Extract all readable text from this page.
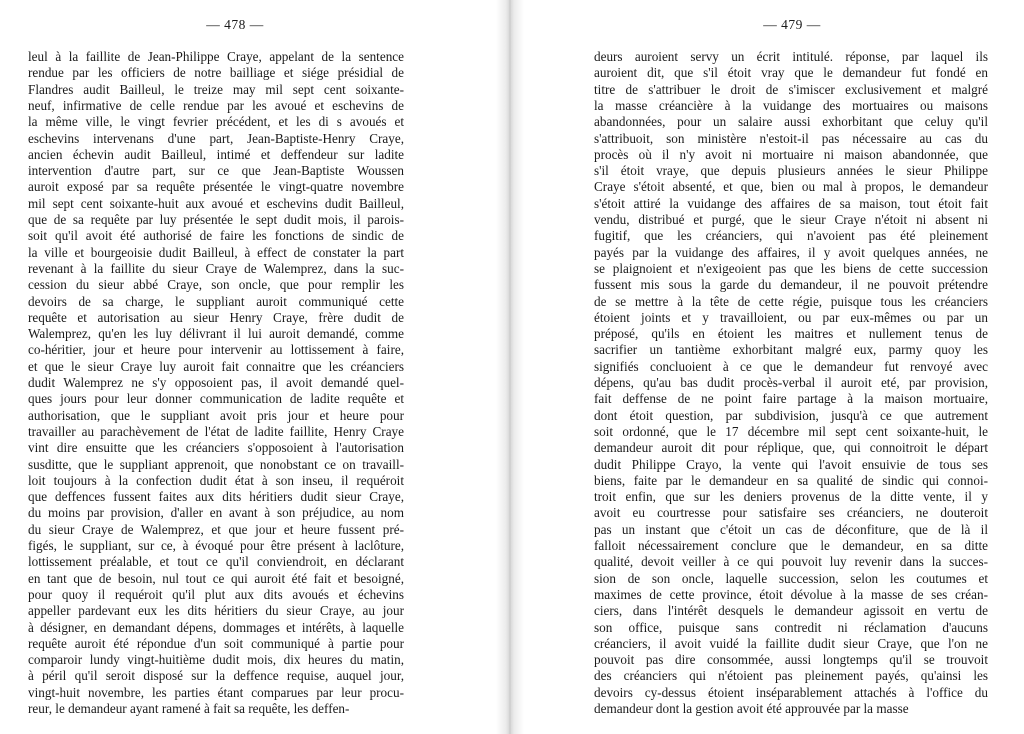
— 478 —

leul à la faillite de Jean-Philippe Craye, appelant de la sentence

rendue par les officiers de notre bailliage et siége présidial de

Flandres audit Bailleul, le treize may mil sept cent soixante-

neuf, infirmative de celle rendue par les avoué et eschevins de

la même ville, le vingt fevrier précédent, et les di s avoués et

eschevins intervenans d'une part, Jean-Baptiste-Henry Craye,

ancien échevin audit Bailleul, intimé et deffendeur sur ladite

intervention d'autre part, sur ce que Jean-Baptiste Woussen

auroit exposé par sa requête présentée le vingt-quatre novembre

mil sept cent soixante-huit aux avoué et eschevins dudit Bailleul,

que de sa requête par luy présentée le sept dudit mois, il parois-

soit qu'il avoit été authorisé de faire les fonctions de sindic de

la ville et bourgeoisie dudit Bailleul, à effect de constater la part

revenant à la faillite du sieur Craye de Walemprez, dans la suc-

cession du sieur abbé Craye, son oncle, que pour remplir les

devoirs de sa charge, le suppliant auroit communiqué cette

requête et autorisation au sieur Henry Craye, frère dudit de

Walemprez, qu'en les luy délivrant il lui auroit demandé, comme

co-héritier, jour et heure pour intervenir au lottissement à faire,

et que le sieur Craye luy auroit fait connaitre que les créanciers

dudit Walemprez ne s'y opposoient pas, il avoit demandé quel-

ques jours pour leur donner communication de ladite requête et

authorisation, que le suppliant avoit pris jour et heure pour

travailler au parachèvement de l'état de ladite faillite, Henry Craye

vint dire ensuitte que les créanciers s'opposoient à l'autorisation

susditte, que le suppliant apprenoit, que nonobstant ce on travaill-

loit toujours à la confection dudit état à son inseu, il requéroit

que deffences fussent faites aux dits héritiers dudit sieur Craye,

du moins par provision, d'aller en avant à son préjudice, au nom

du sieur Craye de Walemprez, et que jour et heure fussent pré-

figés, le suppliant, sur ce, à évoqué pour être présent à laclôture,

lottissement préalable, et tout ce qu'il conviendroit, en déclarant

en tant que de besoin, nul tout ce qui auroit été fait et besoigné,

pour quoy il requéroit qu'il plut aux dits avoués et échevins

appeller pardevant eux les dits héritiers du sieur Craye, au jour

à désigner, en demandant dépens, dommages et intérêts, à laquelle

requête auroit été répondue d'un soit communiqué à partie pour

comparoir lundy vingt-huitième dudit mois, dix heures du matin,

à péril qu'il seroit disposé sur la deffence requise, auquel jour,

vingt-huit novembre, les parties étant comparues par leur procu-

reur, le demandeur ayant ramené à fait sa requête, les deffen-

— 479 —

deurs auroient servy un écrit intitulé. réponse, par laquel ils

auroient dit, que s'il étoit vray que le demandeur fut fondé en

titre de s'attribuer le droit de s'imiscer exclusivement et malgré

la masse créancière à la vuidange des mortuaires ou maisons

abandonnées, pour un salaire aussi exhorbitant que celuy qu'il

s'attribuoit, son ministère n'estoit-il pas nécessaire au cas du

procès où il n'y avoit ni mortuaire ni maison abandonnée, que

s'il étoit vraye, que depuis plusieurs années le sieur Philippe

Craye s'étoit absenté, et que, bien ou mal à propos, le demandeur

s'étoit attiré la vuidange des affaires de sa maison, tout étoit fait

vendu, distribué et purgé, que le sieur Craye n'étoit ni absent ni

fugitif, que les créanciers, qui n'avoient pas été pleinement

payés par la vuidange des affaires, il y avoit quelques années, ne

se plaignoient et n'exigeoient pas que les biens de cette succession

fussent mis sous la garde du demandeur, il ne pouvoit prétendre

de se mettre à la tête de cette régie, puisque tous les créanciers

étoient joints et y travailloient, ou par eux-mêmes ou par un

préposé, qu'ils en étoient les maitres et nullement tenus de

sacrifier un tantième exhorbitant malgré eux, parmy quoy les

signifiés concluoient à ce que le demandeur fut renvoyé avec

dépens, qu'au bas dudit procès-verbal il auroit eté, par provision,

fait deffense de ne point faire partage à la maison mortuaire,

dont étoit question, par subdivision, jusqu'à ce que autrement

soit ordonné, que le 17 décembre mil sept cent soixante-huit, le

demandeur auroit dit pour réplique, que, qui connoitroit le départ

dudit Philippe Crayo, la vente qui l'avoit ensuivie de tous ses

biens, faite par le demandeur en sa qualité de sindic qui connoi-

troit enfin, que sur les deniers provenus de la ditte vente, il y

avoit eu courtresse pour satisfaire ses créanciers, ne douteroit

pas un instant que c'étoit un cas de déconfiture, que de là il

falloit nécessairement conclure que le demandeur, en sa ditte

qualité, devoit veiller à ce qui pouvoit luy revenir dans la succes-

sion de son oncle, laquelle succession, selon les coutumes et

maximes de cette province, étoit dévolue à la masse de ses créan-

ciers, dans l'intérêt desquels le demandeur agissoit en vertu de

son office, puisque sans contredit ni réclamation d'aucuns

créanciers, il avoit vuidé la faillite dudit sieur Craye, que l'on ne

pouvoit pas dire consommée, aussi longtemps qu'il se trouvoit

des créanciers qui n'étoient pas pleinement payés, qu'ainsi les

devoirs cy-dessus étoient inséparablement attachés à l'office du

demandeur dont la gestion avoit été approuvée par la masse
